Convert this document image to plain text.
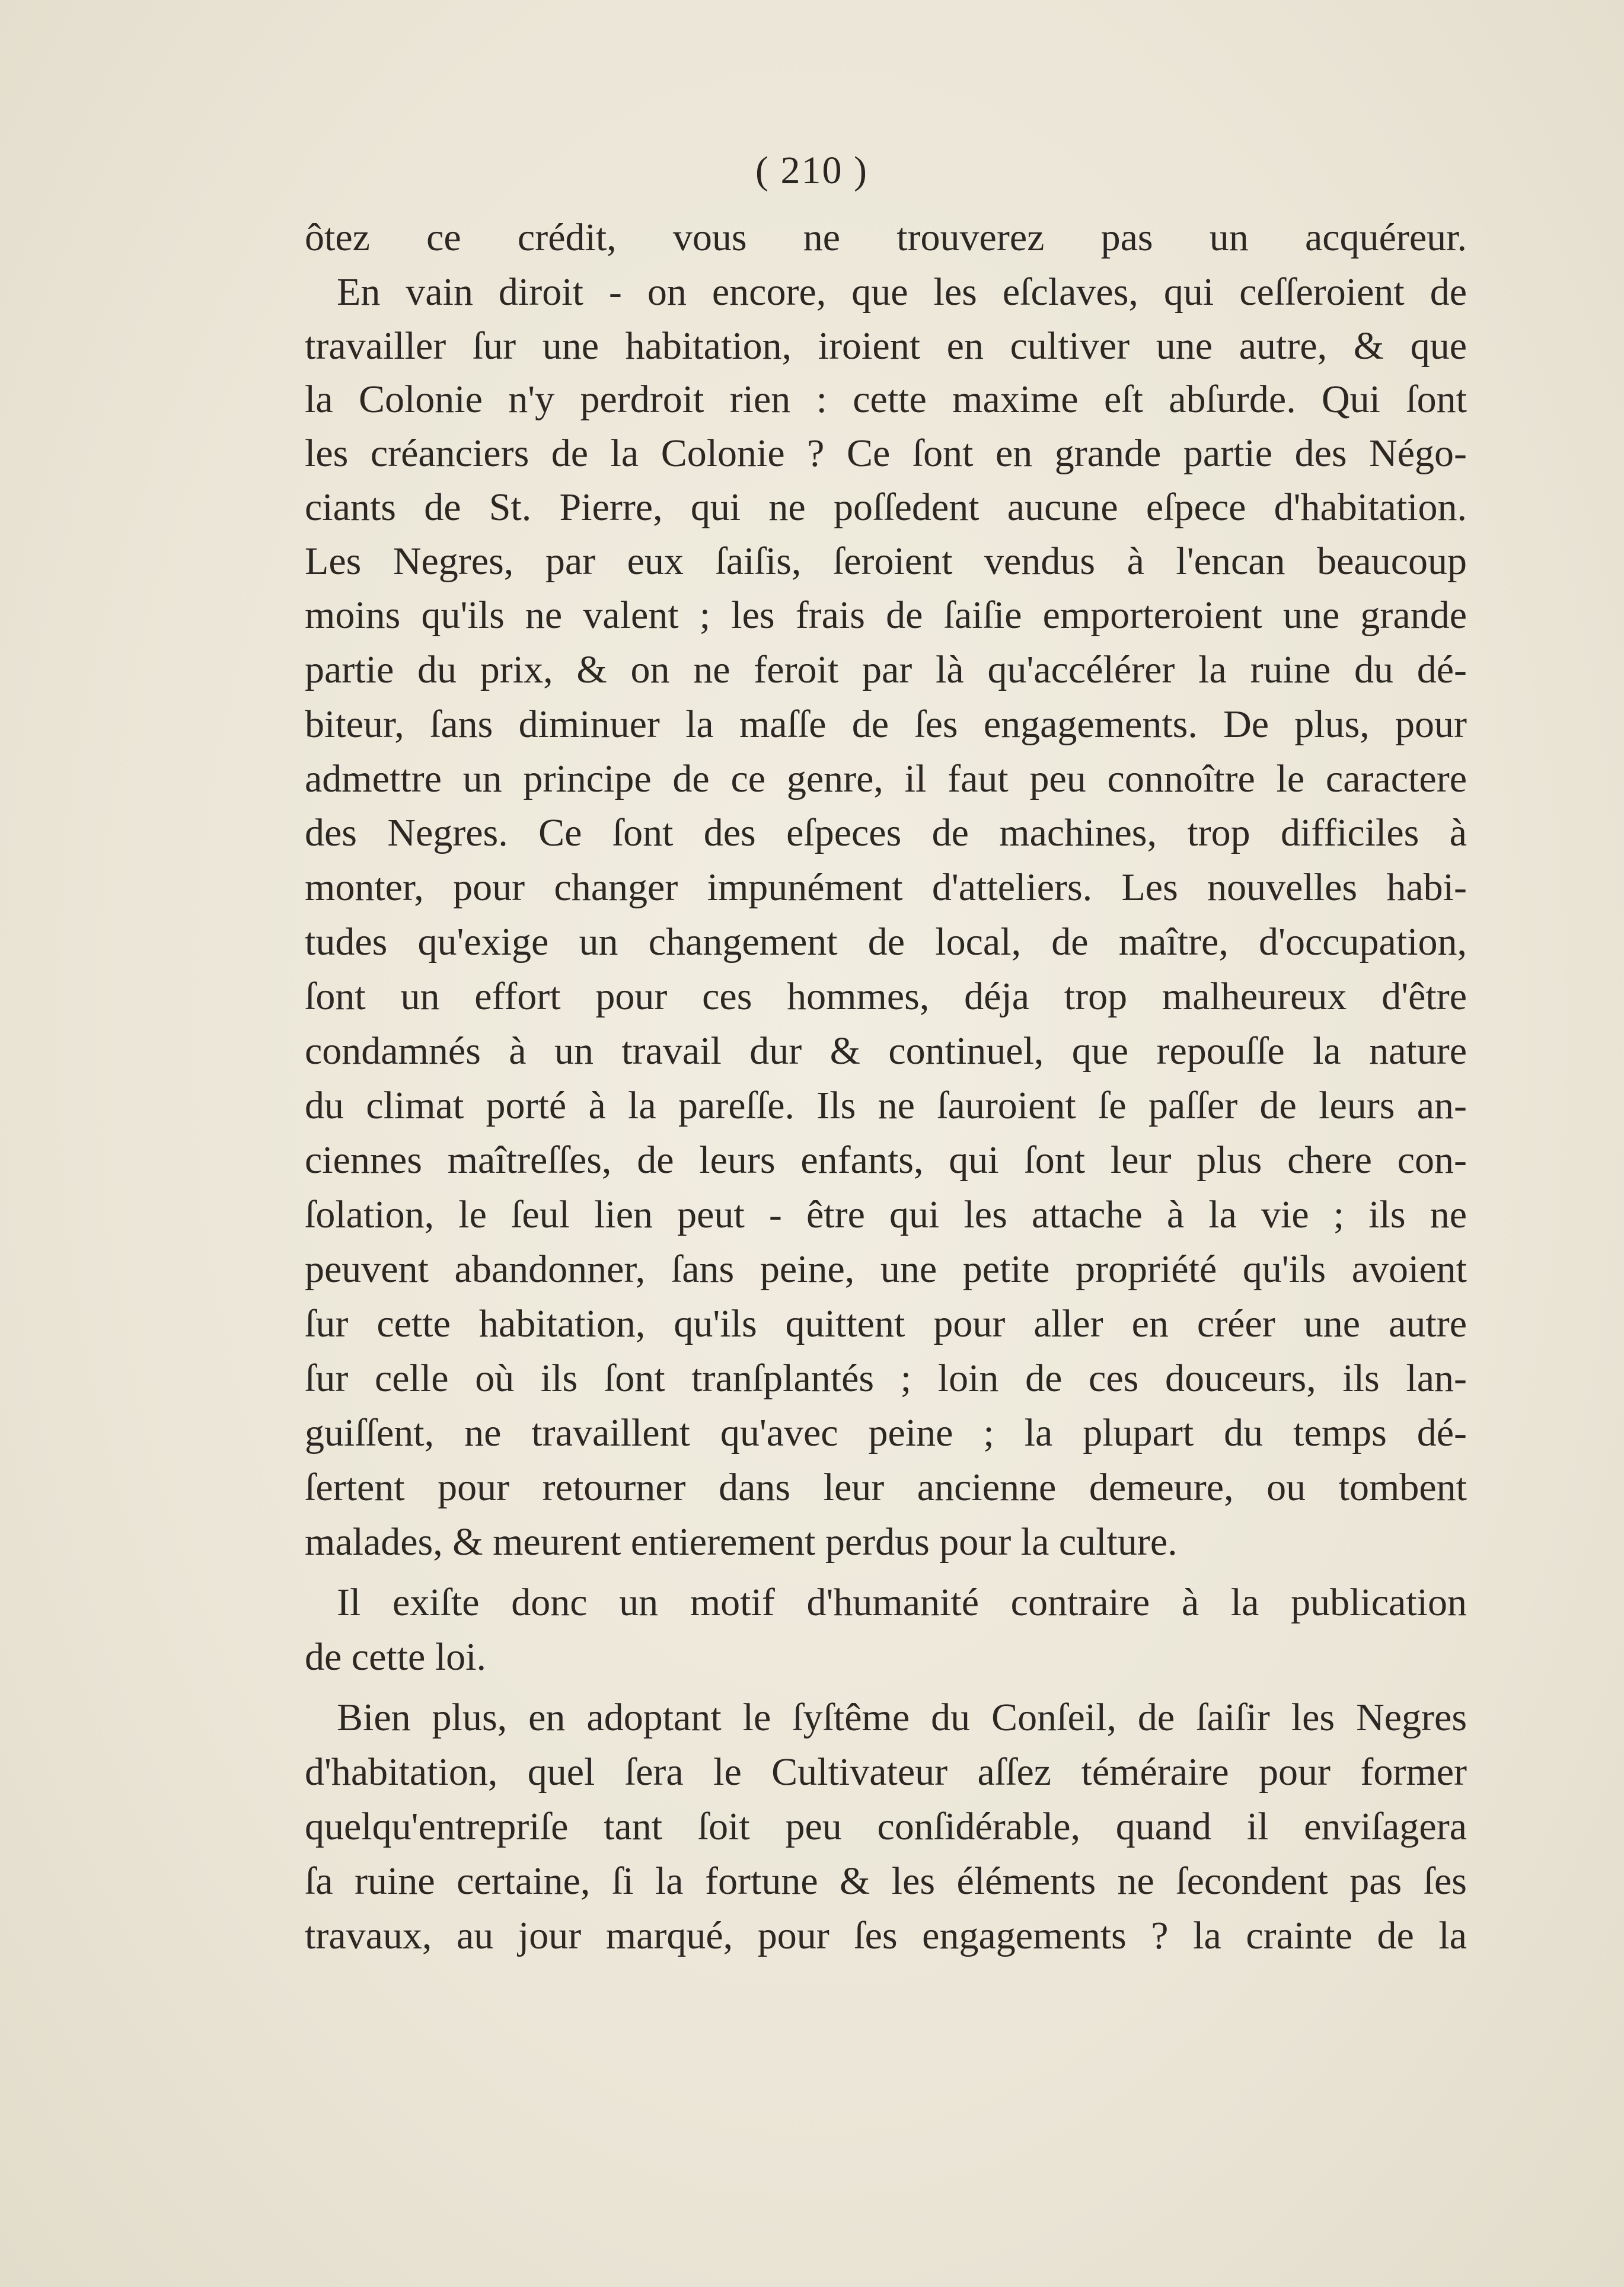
( 210 )
ôtez ce crédit, vous ne trouverez pas un acquéreur.
En vain diroit - on encore, que les eſclaves, qui ceſſeroient de
travailler ſur une habitation, iroient en cultiver une autre, & que
la Colonie n'y perdroit rien : cette maxime eſt abſurde. Qui ſont
les créanciers de la Colonie ? Ce ſont en grande partie des Négo-
ciants de St. Pierre, qui ne poſſedent aucune eſpece d'habitation.
Les Negres, par eux ſaiſis, ſeroient vendus à l'encan beaucoup
moins qu'ils ne valent ; les frais de ſaiſie emporteroient une grande
partie du prix, & on ne feroit par là qu'accélérer la ruine du dé-
biteur, ſans diminuer la maſſe de ſes engagements. De plus, pour
admettre un principe de ce genre, il faut peu connoître le caractere
des Negres. Ce ſont des eſpeces de machines, trop difficiles à
monter, pour changer impunément d'atteliers. Les nouvelles habi-
tudes qu'exige un changement de local, de maître, d'occupation,
ſont un effort pour ces hommes, déja trop malheureux d'être
condamnés à un travail dur & continuel, que repouſſe la nature
du climat porté à la pareſſe. Ils ne ſauroient ſe paſſer de leurs an-
ciennes maîtreſſes, de leurs enfants, qui ſont leur plus chere con-
ſolation, le ſeul lien peut - être qui les attache à la vie ; ils ne
peuvent abandonner, ſans peine, une petite propriété qu'ils avoient
ſur cette habitation, qu'ils quittent pour aller en créer une autre
ſur celle où ils ſont tranſplantés ; loin de ces douceurs, ils lan-
guiſſent, ne travaillent qu'avec peine ; la plupart du temps dé-
ſertent pour retourner dans leur ancienne demeure, ou tombent
malades, & meurent entierement perdus pour la culture.
Il exiſte donc un motif d'humanité contraire à la publication
de cette loi.
Bien plus, en adoptant le ſyſtême du Conſeil, de ſaiſir les Negres
d'habitation, quel ſera le Cultivateur aſſez téméraire pour former
quelqu'entrepriſe tant ſoit peu conſidérable, quand il enviſagera
ſa ruine certaine, ſi la fortune & les éléments ne ſecondent pas ſes
travaux, au jour marqué, pour ſes engagements ? la crainte de la
